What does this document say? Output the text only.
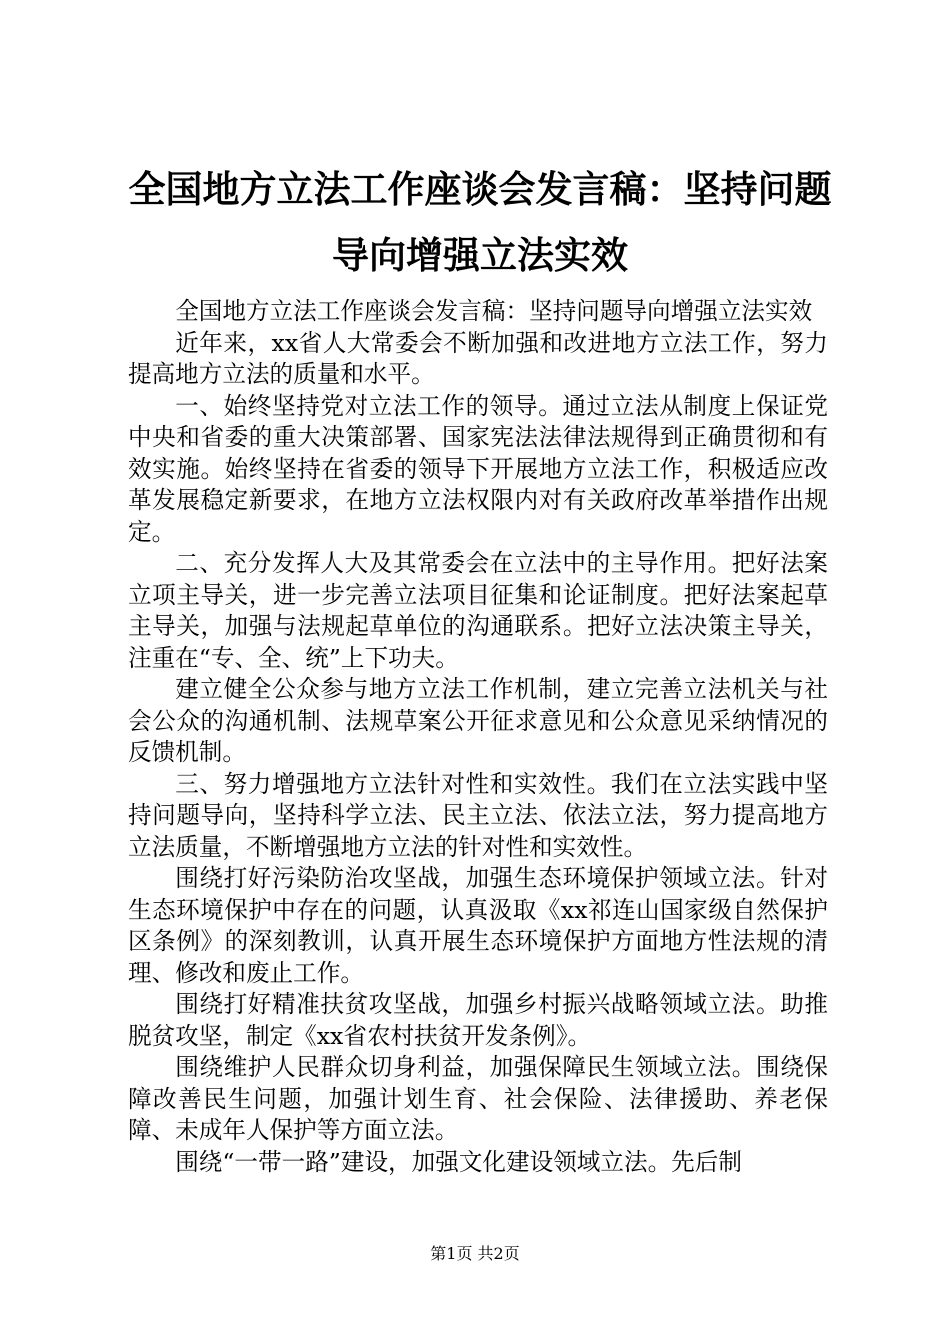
全国地方立法工作座谈会发言稿：坚持问题导向增强立法实效

全国地方立法工作座谈会发言稿：坚持问题导向增强立法实效

近年来，xx省人大常委会不断加强和改进地方立法工作，努力提高地方立法的质量和水平。

一、始终坚持党对立法工作的领导。通过立法从制度上保证党中央和省委的重大决策部署、国家宪法法律法规得到正确贯彻和有效实施。始终坚持在省委的领导下开展地方立法工作，积极适应改革发展稳定新要求，在地方立法权限内对有关政府改革举措作出规定。

二、充分发挥人大及其常委会在立法中的主导作用。把好法案立项主导关，进一步完善立法项目征集和论证制度。把好法案起草主导关，加强与法规起草单位的沟通联系。把好立法决策主导关，注重在“专、全、统”上下功夫。

建立健全公众参与地方立法工作机制，建立完善立法机关与社会公众的沟通机制、法规草案公开征求意见和公众意见采纳情况的反馈机制。

三、努力增强地方立法针对性和实效性。我们在立法实践中坚持问题导向，坚持科学立法、民主立法、依法立法，努力提高地方立法质量，不断增强地方立法的针对性和实效性。

围绕打好污染防治攻坚战，加强生态环境保护领域立法。针对生态环境保护中存在的问题，认真汲取《xx祁连山国家级自然保护区条例》的深刻教训，认真开展生态环境保护方面地方性法规的清理、修改和废止工作。

围绕打好精准扶贫攻坚战，加强乡村振兴战略领域立法。助推脱贫攻坚，制定《xx省农村扶贫开发条例》。

围绕维护人民群众切身利益，加强保障民生领域立法。围绕保障改善民生问题，加强计划生育、社会保险、法律援助、养老保障、未成年人保护等方面立法。

围绕“一带一路”建设，加强文化建设领域立法。先后制

第1页 共2页
